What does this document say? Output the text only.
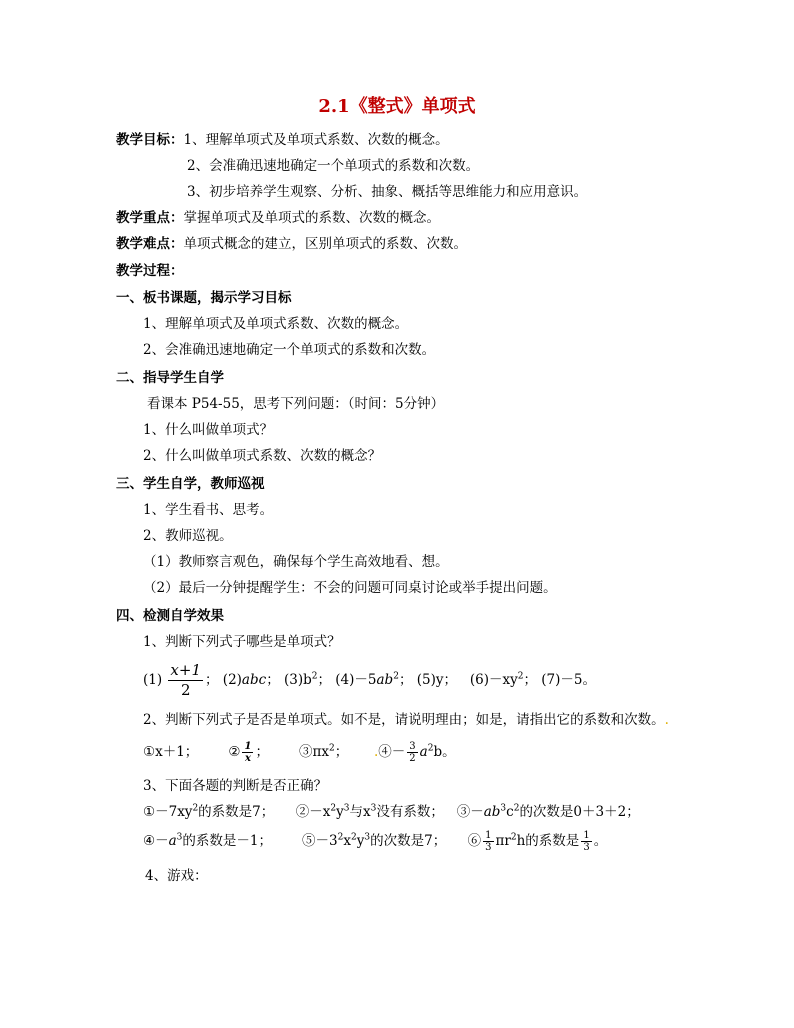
2.1《整式》单项式
教学目标：1、理解单项式及单项式系数、次数的概念。
2、会准确迅速地确定一个单项式的系数和次数。
3、初步培养学生观察、分析、抽象、概括等思维能力和应用意识。
教学重点：掌握单项式及单项式的系数、次数的概念。
教学难点：单项式概念的建立，区别单项式的系数、次数。
教学过程：
一、板书课题，揭示学习目标
1、理解单项式及单项式系数、次数的概念。
2、会准确迅速地确定一个单项式的系数和次数。
二、指导学生自学
看课本 P54-55，思考下列问题：（时间：5分钟）
1、什么叫做单项式？
2、什么叫做单项式系数、次数的概念？
三、学生自学，教师巡视
1、学生看书、思考。
2、教师巡视。
（1）教师察言观色，确保每个学生高效地看、想。
（2）最后一分钟提醒学生：不会的问题可同桌讨论或举手提出问题。
四、检测自学效果
1、判断下列式子哪些是单项式？
$(1) \frac{x+1}{2}$ ； (2)abc； $(3)b^2$； $(4)-5ab^2$； (5)y； $(6)-xy^2$； (7)－5。
2、判断下列式子是否是单项式。如不是，请说明理由；如是，请指出它的系数和次数。.
①x＋1； ② $\frac{1}{x}$ ； $③\pi x^2$； .④－ $\frac{3}{2} a^2b$。
3、下面各题的判断是否正确？
$①-7xy^2$的系数是7； $②-x^2y^3$与$x^3$没有系数； $③-ab^3c^2$的次数是0＋3＋2；
$④-a^3$的系数是－1； $⑤-3^2x^2y^3$的次数是7； ⑥ $\frac{1}{3} \pi r^2h$的系数是 $\frac{1}{3}$ 。
4、游戏：
